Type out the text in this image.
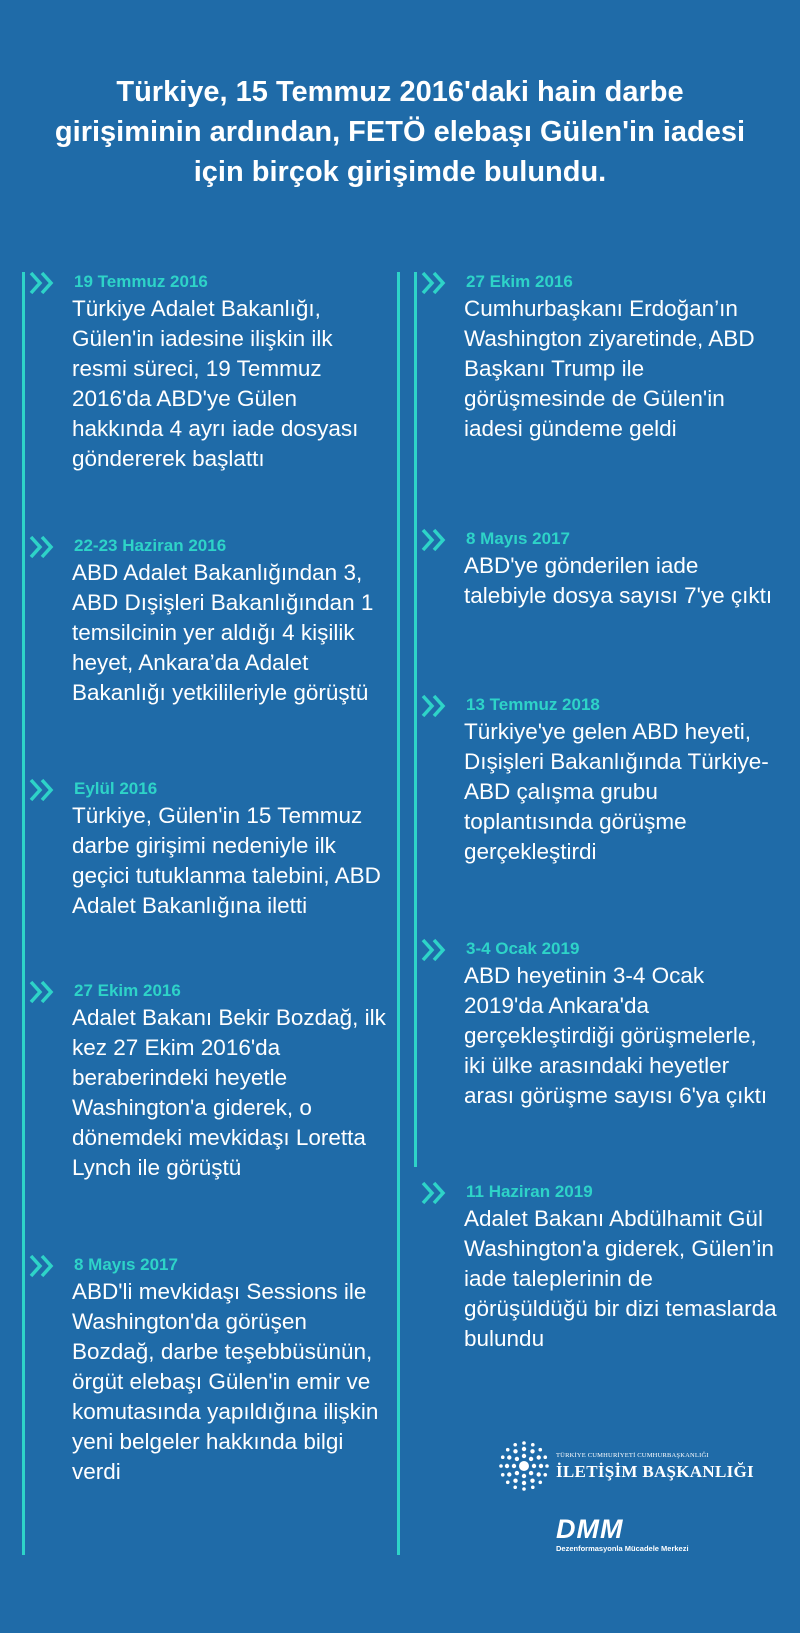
Türkiye, 15 Temmuz 2016'daki hain darbe girişiminin ardından, FETÖ elebaşı Gülen'in iadesi için birçok girişimde bulundu.
19 Temmuz 2016
Türkiye Adalet Bakanlığı, Gülen'in iadesine ilişkin ilk resmi süreci, 19 Temmuz 2016'da ABD'ye Gülen hakkında 4 ayrı iade dosyası göndererek başlattı
22-23 Haziran 2016
ABD Adalet Bakanlığından 3, ABD Dışişleri Bakanlığından 1 temsilcinin yer aldığı 4 kişilik heyet, Ankara’da Adalet Bakanlığı yetkilileriyle görüştü
Eylül 2016
Türkiye, Gülen'in 15 Temmuz darbe girişimi nedeniyle ilk geçici tutuklanma talebini, ABD Adalet Bakanlığına iletti
27 Ekim 2016
Adalet Bakanı Bekir Bozdağ, ilk kez 27 Ekim 2016'da beraberindeki heyetle Washington'a giderek, o dönemdeki mevkidaşı Loretta Lynch ile görüştü
8 Mayıs 2017
ABD'li mevkidaşı Sessions ile Washington'da görüşen Bozdağ, darbe teşebbüsünün, örgüt elebaşı Gülen'in emir ve komutasında yapıldığına ilişkin yeni belgeler hakkında bilgi verdi
27 Ekim 2016
Cumhurbaşkanı Erdoğan’ın Washington ziyaretinde, ABD Başkanı Trump ile görüşmesinde de Gülen'in iadesi gündeme geldi
8 Mayıs 2017
ABD'ye gönderilen iade talebiyle dosya sayısı 7'ye çıktı
13 Temmuz 2018
Türkiye'ye gelen ABD heyeti, Dışişleri Bakanlığında Türkiye-ABD çalışma grubu toplantısında görüşme gerçekleştirdi
3-4 Ocak 2019
ABD heyetinin 3-4 Ocak 2019'da Ankara'da gerçekleştirdiği görüşmelerle, iki ülke arasındaki heyetler arası görüşme sayısı 6'ya çıktı
11 Haziran 2019
Adalet Bakanı Abdülhamit Gül Washington'a giderek, Gülen’in iade taleplerinin de görüşüldüğü bir dizi temaslarda bulundu
TÜRKİYE CUMHURİYETİ CUMHURBAŞKANLIĞI
İLETİŞİM BAŞKANLIĞI
DMM
Dezenformasyonla Mücadele Merkezi
